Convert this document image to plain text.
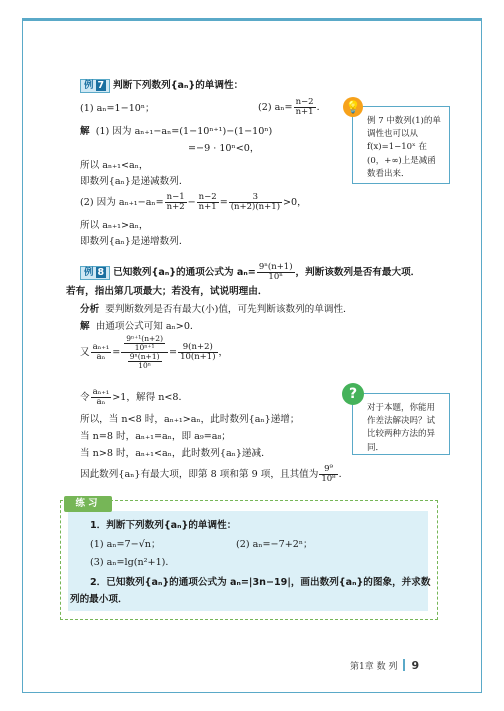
例 7 判断下列数列{aₙ}的单调性：
(1) aₙ=1−10ⁿ；	(2) $a_n= \frac{n-2}{n+1}$ ．
解 (1) 因为 aₙ₊₁−aₙ=(1−10ⁿ⁺¹)−(1−10ⁿ)
=−9 · 10ⁿ<0，
所以 aₙ₊₁<aₙ，
即数列{aₙ}是递减数列．
(2) 因为 $a_{n+1}-a_n= \frac{n-1}{n+2} - \frac{n-2}{n+1} = \frac{3}{(n+2)(n+1)} >0$，
所以 aₙ₊₁>aₙ，
即数列{aₙ}是递增数列．
例 7 中数列(1)的单调性也可以从 f(x)=1−10ˣ 在(0，+∞)上是减函数看出来．
💡
例 8 已知数列{aₙ}的通项公式为 $a_n= \frac{\text{9ⁿ(n+1)}}{\text{10ⁿ}}$ ，判断该数列是否有最大项．
若有，指出第几项最大；若没有，试说明理由．
分析 要判断数列是否有最大(小)值，可先判断该数列的单调性．
解 由通项公式可知 aₙ>0．
又 $\frac{\text{aₙ₊₁}}{\text{aₙ}} = \frac{\frac{\text{9ⁿ⁺¹(n+2)}}{\text{10ⁿ⁺¹}}}{\frac{\text{9ⁿ(n+1)}}{\text{10ⁿ}}} = \frac{9(n+2)}{10(n+1)}$ ，
令 $\frac{\text{aₙ₊₁}}{\text{aₙ}} >1$，解得 n<8．
所以，当 n<8 时，aₙ₊₁>aₙ，此时数列{aₙ}递增；
当 n=8 时，aₙ₊₁=aₙ，即 a₉=a₈；
当 n>8 时，aₙ₊₁<aₙ，此时数列{aₙ}递减．
因此数列{aₙ}有最大项，即第 8 项和第 9 项，且其值为 $\frac{\text{9⁹}}{\text{10⁸}}$ ．
对于本题，你能用作差法解决吗？试比较两种方法的异同．
?
练习
1．判断下列数列{aₙ}的单调性：
(1) aₙ=7−√n；	(2) aₙ=−7+2ⁿ；
(3) aₙ=lg(n²+1)．
2．已知数列{aₙ}的通项公式为 aₙ=|3n−19|，画出数列{aₙ}的图象，并求数
列的最小项．
第1章 数 列 9
